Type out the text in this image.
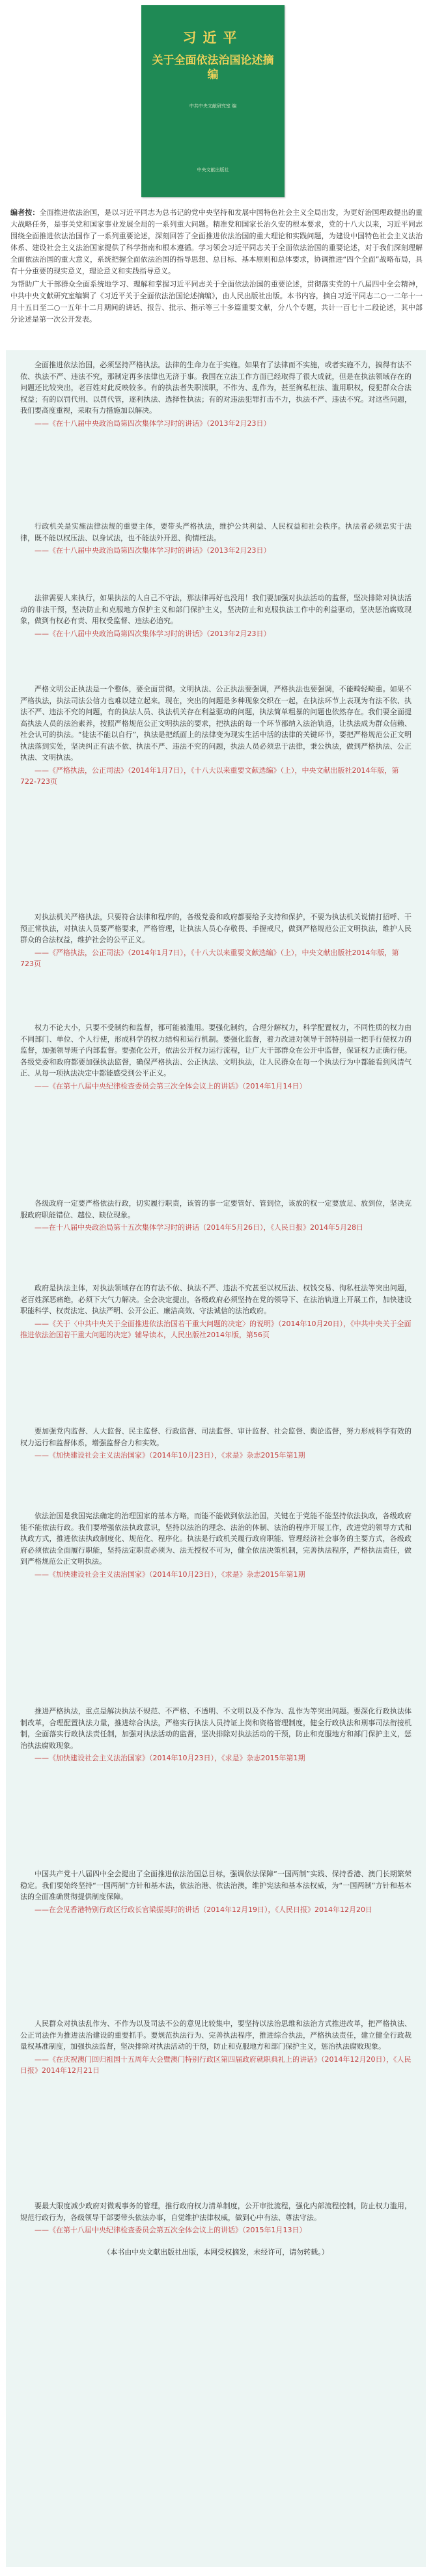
习近平
关于全面依法治国论述摘编
中共中央文献研究室 编
中央文献出版社
编者按：全面推进依法治国，是以习近平同志为总书记的党中央坚持和发展中国特色社会主义全局出发，为更好治国理政提出的重大战略任务，是事关党和国家事业发展全局的一系列重大问题。精准党和国家长治久安的根本要求，党的十八大以来，习近平同志围绕全面推进依法治国作了一系列重要论述，深刻回答了全面推进依法治国的重大理论和实践问题，为建设中国特色社会主义法治体系、建设社会主义法治国家提供了科学指南和根本遵循。学习领会习近平同志关于全面依法治国的重要论述，对于我们深刻理解全面依法治国的重大意义，系统把握全面依法治国的指导思想、总目标、基本原则和总体要求，协调推进“四个全面”战略布局，具有十分重要的现实意义，理论意义和实践指导意义。
为帮助广大干部群众全面系统地学习、理解和掌握习近平同志关于全面依法治国的重要论述，贯彻落实党的十八届四中全会精神，中共中央文献研究室编辑了《习近平关于全面依法治国论述摘编》，由人民出版社出版。本书内容，摘自习近平同志二○一二年十一月十五日至二○一五年十二月期间的讲话、报告、批示、指示等三十多篇重要文献，分八个专题，共计一百七十二段论述，其中部分论述是第一次公开发表。

全面推进依法治国，必须坚持严格执法。法律的生命力在于实施。如果有了法律而不实施，或者实施不力，搞得有法不依、执法不严、违法不究，那制定再多法律也无济于事。我国在立法工作方面已经取得了很大成就，但是在执法领域存在的问题还比较突出，老百姓对此反映较多。有的执法者失职渎职，不作为、乱作为，甚至徇私枉法、滥用职权，侵犯群众合法权益；有的以罚代刑、以罚代管，逐利执法、选择性执法；有的对违法犯罪打击不力，执法不严、违法不究。对这些问题，我们要高度重视，采取有力措施加以解决。

——《在十八届中央政治局第四次集体学习时的讲话》（2013年2月23日）

行政机关是实施法律法规的重要主体，要带头严格执法，维护公共利益、人民权益和社会秩序。执法者必须忠实于法律，既不能以权压法、以身试法，也不能法外开恩、徇情枉法。

——《在十八届中央政治局第四次集体学习时的讲话》（2013年2月23日）

法律需要人来执行，如果执法的人自己不守法，那法律再好也没用！我们要加强对执法活动的监督，坚决排除对执法活动的非法干预，坚决防止和克服地方保护主义和部门保护主义，坚决防止和克服执法工作中的利益驱动，坚决惩治腐败现象，做到有权必有责、用权受监督、违法必追究。

——《在十八届中央政治局第四次集体学习时的讲话》（2013年2月23日）

严格文明公正执法是一个整体，要全面贯彻。文明执法、公正执法要强调，严格执法也要强调，不能畸轻畸重。如果不严格执法，执法司法公信力也难以建立起来。现在，突出的问题是多种现象交织在一起，在执法环节上表现为有法不依、执法不严、违法不究的问题，有的执法人员、执法机关存在利益驱动的问题，执法简单粗暴的问题也依然存在。我们要全面提高执法人员的法治素养，按照严格规范公正文明执法的要求，把执法的每一个环节都纳入法治轨道，让执法成为群众信赖、社会认可的执法。“徒法不能以自行”，执法是把纸面上的法律变为现实生活中活的法律的关键环节，要把严格规范公正文明执法落到实处，坚决纠正有法不依、执法不严、违法不究的问题，执法人员必须忠于法律，秉公执法，做到严格执法、公正执法、文明执法。

——《严格执法，公正司法》（2014年1月7日），《十八大以来重要文献选编》（上），中央文献出版社2014年版，第722-723页

对执法机关严格执法，只要符合法律和程序的，各级党委和政府都要给予支持和保护，不要为执法机关说情打招呼、干预正常执法，对执法人员要严格要求，严格管理，让执法人员心存敬畏、手握戒尺，做到严格规范公正文明执法，维护人民群众的合法权益，维护社会的公平正义。

——《严格执法，公正司法》（2014年1月7日），《十八大以来重要文献选编》（上），中央文献出版社2014年版，第723页

权力不论大小，只要不受制约和监督，都可能被滥用。要强化制约，合理分解权力，科学配置权力，不同性质的权力由不同部门、单位、个人行使，形成科学的权力结构和运行机制。要强化监督，着力改进对领导干部特别是一把手行使权力的监督，加强领导班子内部监督。要强化公开，依法公开权力运行流程，让广大干部群众在公开中监督，保证权力正确行使。各级党委和政府都要加强执法监督，确保严格执法、公正执法、文明执法，让人民群众在每一个执法行为中都能看到风清气正、从每一项执法决定中都能感受到公平正义。

——《在第十八届中央纪律检查委员会第三次全体会议上的讲话》（2014年1月14日）

各级政府一定要严格依法行政，切实履行职责，该管的事一定要管好、管到位，该放的权一定要放足、放到位，坚决克服政府职能错位、越位、缺位现象。

——在十八届中央政治局第十五次集体学习时的讲话（2014年5月26日），《人民日报》2014年5月28日

政府是执法主体，对执法领域存在的有法不依、执法不严、违法不究甚至以权压法、权钱交易、徇私枉法等突出问题，老百姓深恶痛绝，必须下大气力解决。全会决定提出，各级政府必须坚持在党的领导下、在法治轨道上开展工作，加快建设职能科学、权责法定、执法严明、公开公正、廉洁高效、守法诚信的法治政府。

——《关于〈中共中央关于全面推进依法治国若干重大问题的决定〉的说明》（2014年10月20日），《中共中央关于全面推进依法治国若干重大问题的决定》辅导读本，人民出版社2014年版，第56页

要加强党内监督、人大监督、民主监督、行政监督、司法监督、审计监督、社会监督、舆论监督，努力形成科学有效的权力运行和监督体系，增强监督合力和实效。

——《加快建设社会主义法治国家》（2014年10月23日），《求是》杂志2015年第1期

依法治国是我国宪法确定的治理国家的基本方略，而能不能做到依法治国，关键在于党能不能坚持依法执政，各级政府能不能依法行政。我们要增强依法执政意识，坚持以法治的理念、法治的体制、法治的程序开展工作，改进党的领导方式和执政方式，推进依法执政制度化、规范化、程序化。执法是行政机关履行政府职能、管理经济社会事务的主要方式，各级政府必须依法全面履行职能，坚持法定职责必须为、法无授权不可为，健全依法决策机制，完善执法程序，严格执法责任，做到严格规范公正文明执法。

——《加快建设社会主义法治国家》（2014年10月23日），《求是》杂志2015年第1期

推进严格执法，重点是解决执法不规范、不严格、不透明、不文明以及不作为、乱作为等突出问题。要深化行政执法体制改革，合理配置执法力量，推进综合执法，严格实行执法人员持证上岗和资格管理制度，健全行政执法和刑事司法衔接机制，全面落实行政执法责任制，加强对执法活动的监督，坚决排除对执法活动的干预，防止和克服地方和部门保护主义，惩治执法腐败现象。

——《加快建设社会主义法治国家》（2014年10月23日），《求是》杂志2015年第1期

中国共产党十八届四中全会提出了全面推进依法治国总目标，强调依法保障“一国两制”实践、保持香港、澳门长期繁荣稳定。我们要始终坚持“一国两制”方针和基本法，依法治港、依法治澳，维护宪法和基本法权威，为“一国两制”方针和基本法的全面准确贯彻提供制度保障。

——在会见香港特别行政区行政长官梁振英时的讲话（2014年12月19日），《人民日报》2014年12月20日

人民群众对执法乱作为、不作为以及司法不公的意见比较集中，要坚持以法治思维和法治方式推进改革，把严格执法、公正司法作为推进法治建设的重要抓手。要规范执法行为、完善执法程序，推进综合执法，严格执法责任，建立健全行政裁量权基准制度，加强执法监督，坚决排除对执法活动的干预，防止和克服地方和部门保护主义，惩治执法腐败现象。

——《在庆祝澳门回归祖国十五周年大会暨澳门特别行政区第四届政府就职典礼上的讲话》（2014年12月20日），《人民日报》2014年12月21日

要最大限度减少政府对微观事务的管理，推行政府权力清单制度，公开审批流程，强化内部流程控制，防止权力滥用，规范行政行为，各级领导干部要带头依法办事，自觉维护法律权威，做到心中有法、尊法守法。

——《在第十八届中央纪律检查委员会第五次全体会议上的讲话》（2015年1月13日）

（本书由中央文献出版社出版，本网受权摘发，未经许可，请勿转载。）
